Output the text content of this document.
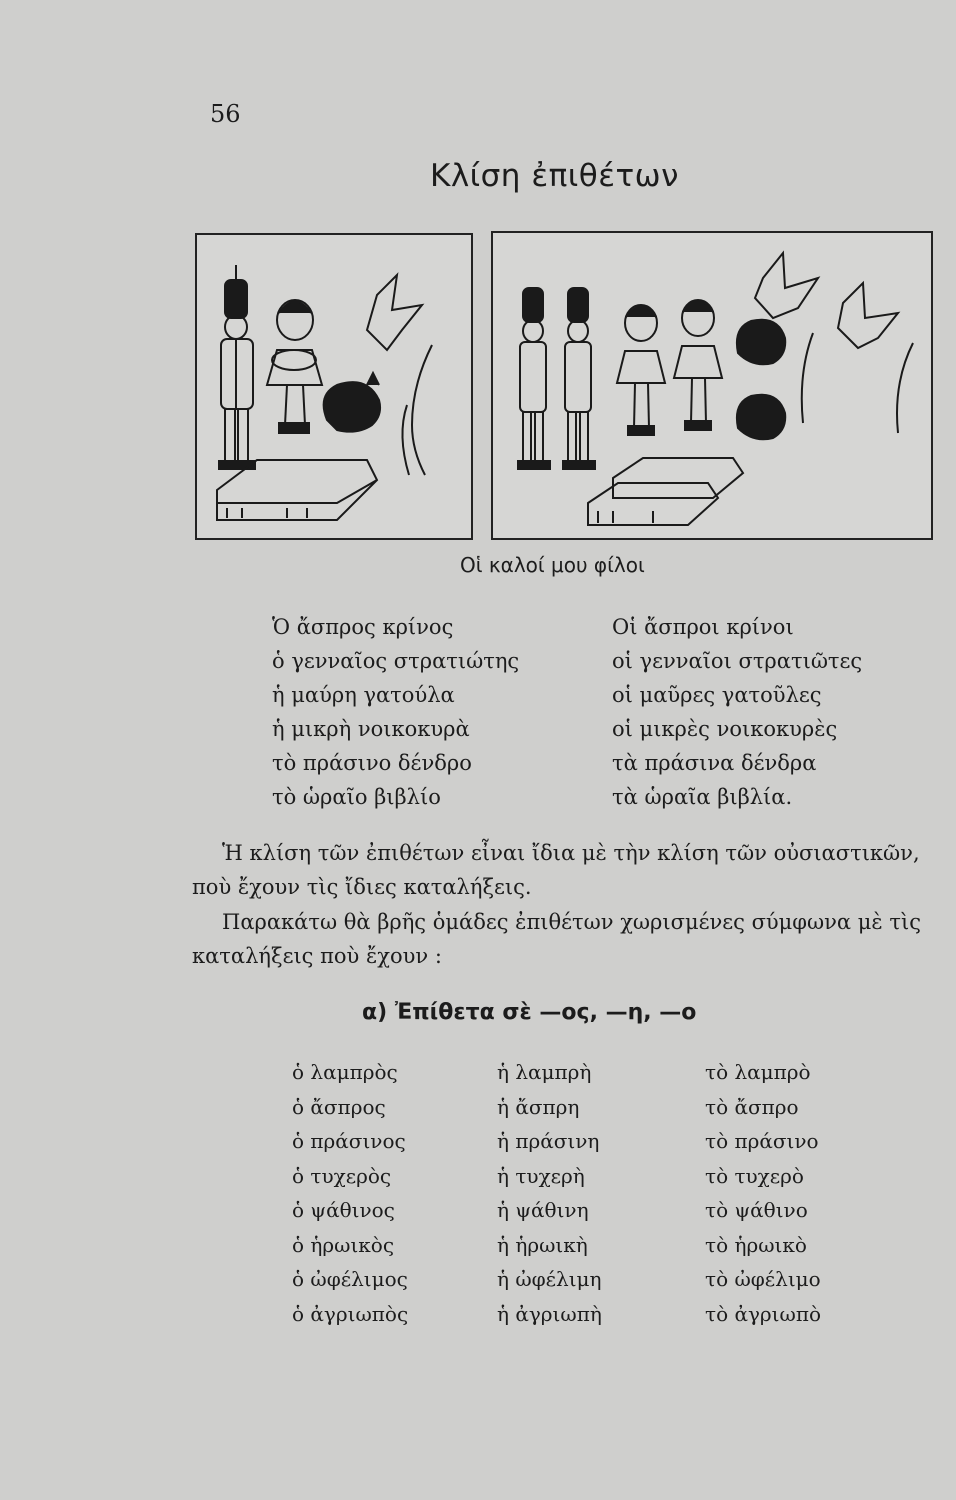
56
Κλίση ἐπιθέτων
Οἱ καλοί μου φίλοι
Ὁ ἄσπρος κρίνος
ὁ γενναῖος στρατιώτης
ἡ μαύρη γατούλα
ἡ μικρὴ νοικοκυρὰ
τὸ πράσινο δένδρο
τὸ ὡραῖο βιβλίο
Οἱ ἄσπροι κρίνοι
οἱ γενναῖοι στρατιῶτες
οἱ μαῦρες γατοῦλες
οἱ μικρὲς νοικοκυρὲς
τὰ πράσινα δένδρα
τὰ ὡραῖα βιβλία.
Ἡ κλίση τῶν ἐπιθέτων εἶναι ἴδια μὲ τὴν κλίση τῶν οὐσιαστικῶν, ποὺ ἔχουν τὶς ἴδιες καταλήξεις.
Παρακάτω θὰ βρῆς ὁμάδες ἐπιθέτων χωρισμένες σύμφωνα μὲ τὶς καταλήξεις ποὺ ἔχουν :
α) Ἐπίθετα σὲ —ος, —η, —ο
ὁ λαμπρὸς
ὁ ἄσπρος
ὁ πράσινος
ὁ τυχερὸς
ὁ ψάθινος
ὁ ἡρωικὸς
ὁ ὠφέλιμος
ὁ ἀγριωπὸς
ἡ λαμπρὴ
ἡ ἄσπρη
ἡ πράσινη
ἡ τυχερὴ
ἡ ψάθινη
ἡ ἡρωικὴ
ἡ ὠφέλιμη
ἡ ἀγριωπὴ
τὸ λαμπρὸ
τὸ ἄσπρο
τὸ πράσινο
τὸ τυχερὸ
τὸ ψάθινο
τὸ ἡρωικὸ
τὸ ὠφέλιμο
τὸ ἀγριωπὸ
